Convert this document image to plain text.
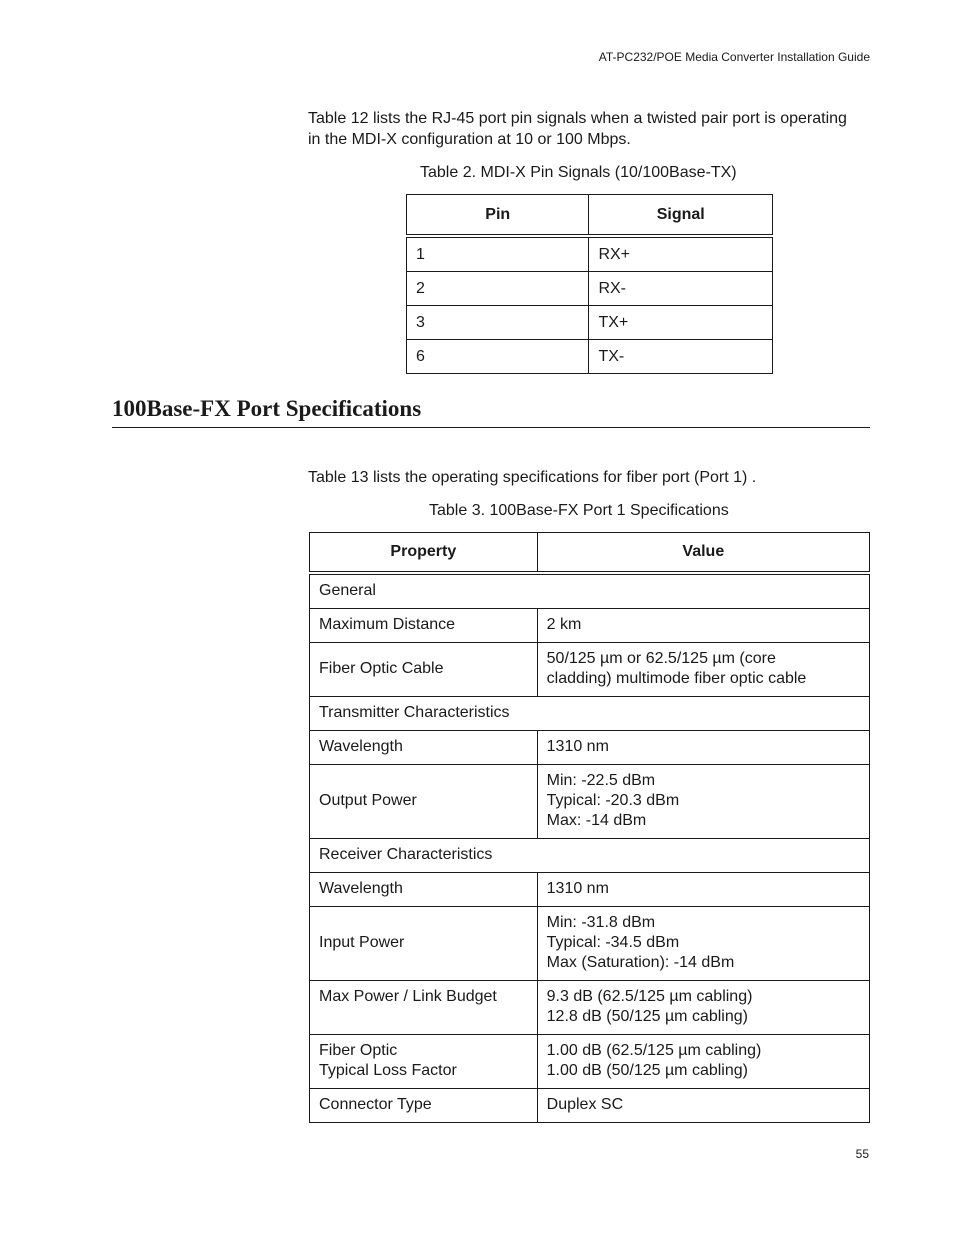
AT-PC232/POE Media Converter Installation Guide
Table 12 lists the RJ-45 port pin signals when a twisted pair port is operating in the MDI-X configuration at 10 or 100 Mbps.
Table 2. MDI-X Pin Signals (10/100Base-TX)
Pin	Signal
1	RX+
2	RX-
3	TX+
6	TX-
100Base-FX Port Specifications
Table 13 lists the operating specifications for fiber port (Port 1) .
Table 3. 100Base-FX Port 1 Specifications
Property	Value
General	

Maximum Distance	2 km

Fiber Optic Cable	50/125 µm or 62.5/125 µm (core
cladding) multimode fiber optic cable

Transmitter Characteristics	

Wavelength	1310 nm

Output Power	Min: -22.5 dBm
Typical: -20.3 dBm
Max: -14 dBm

Receiver Characteristics	

Wavelength	1310 nm

Input Power	Min: -31.8 dBm
Typical: -34.5 dBm
Max (Saturation): -14 dBm

Max Power / Link Budget	9.3 dB (62.5/125 µm cabling)
12.8 dB (50/125 µm cabling)

Fiber Optic
Typical Loss Factor	1.00 dB (62.5/125 µm cabling)
1.00 dB (50/125 µm cabling)

Connector Type	Duplex SC
55
